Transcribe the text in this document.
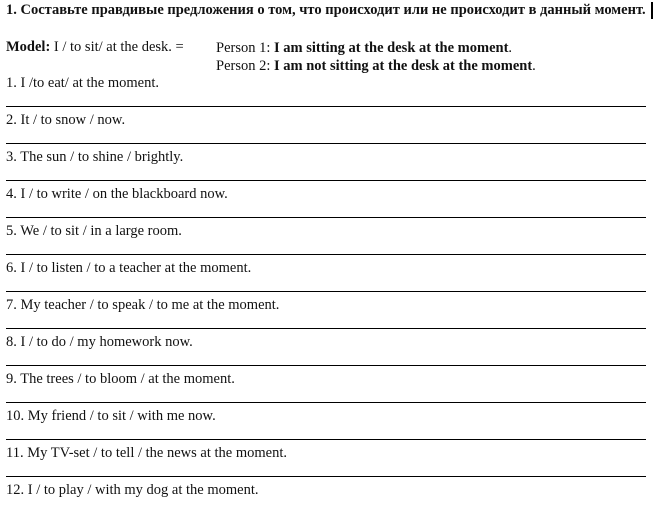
1. Составьте правдивые предложения о том, что происходит или не происходит в данный момент.
Model: I / to sit/ at the desk. = Person 1: I am sitting at the desk at the moment.
Person 2: I am not sitting at the desk at the moment.
1. I /to eat/ at the moment.
2. It / to snow / now.
3. The sun / to shine / brightly.
4. I / to write / on the blackboard now.
5. We / to sit / in a large room.
6. I / to listen / to a teacher at the moment.
7. My teacher / to speak / to me at the moment.
8. I / to do / my homework now.
9. The trees / to bloom / at the moment.
10. My friend / to sit / with me now.
11. My TV-set / to tell / the news at the moment.
12. I / to play / with my dog at the moment.
